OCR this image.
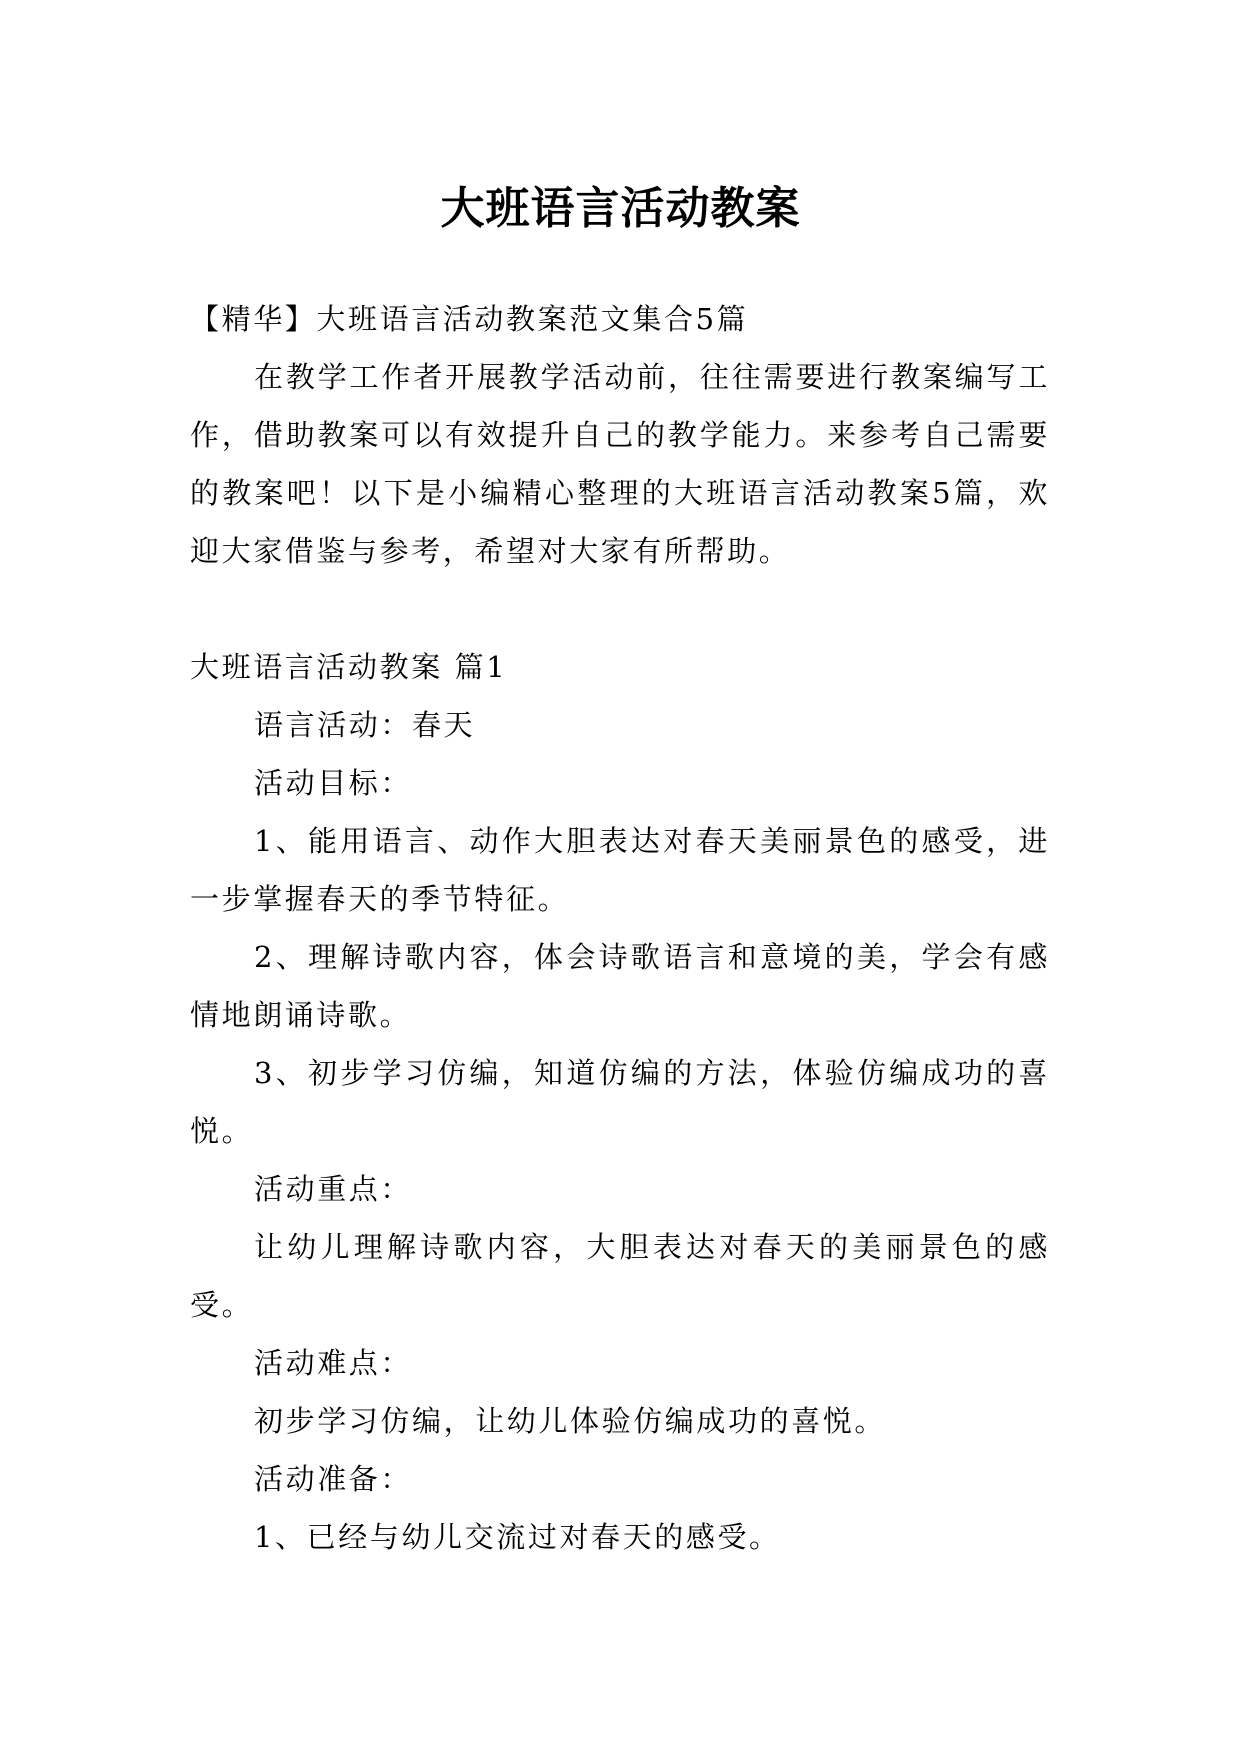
大班语言活动教案

【精华】大班语言活动教案范文集合5篇

在教学工作者开展教学活动前，往往需要进行教案编写工作，借助教案可以有效提升自己的教学能力。来参考自己需要的教案吧！以下是小编精心整理的大班语言活动教案5篇，欢迎大家借鉴与参考，希望对大家有所帮助。

大班语言活动教案 篇1

语言活动：春天

活动目标：

1、能用语言、动作大胆表达对春天美丽景色的感受，进一步掌握春天的季节特征。

2、理解诗歌内容，体会诗歌语言和意境的美，学会有感情地朗诵诗歌。

3、初步学习仿编，知道仿编的方法，体验仿编成功的喜悦。

活动重点：

让幼儿理解诗歌内容，大胆表达对春天的美丽景色的感受。

活动难点：

初步学习仿编，让幼儿体验仿编成功的喜悦。

活动准备：

1、已经与幼儿交流过对春天的感受。
